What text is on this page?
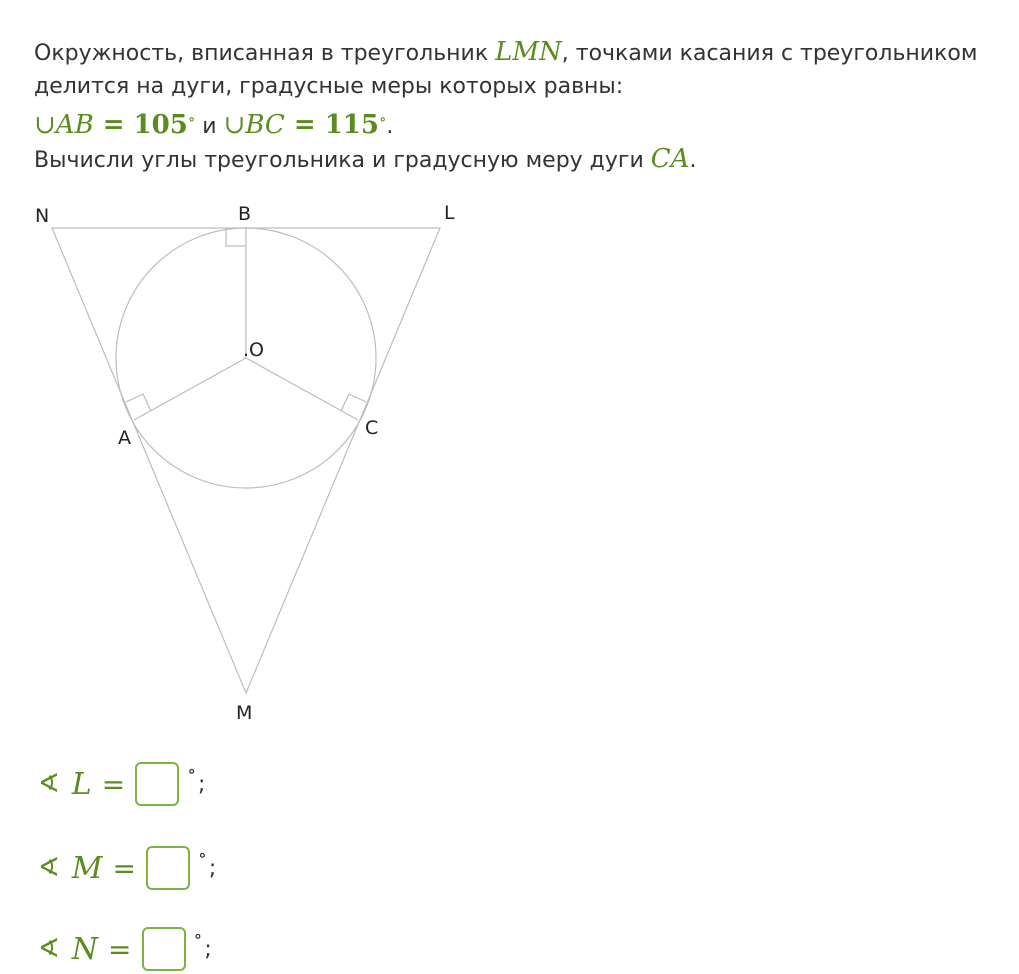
Окружность, вписанная в треугольник LMN, точками касания с треугольником

делится на дуги, градусные меры которых равны:

∪AB = 105∘ и ∪BC = 115∘.

Вычисли углы треугольника и градусную меру дуги CA.

N	B	L
.O
A	C
M
∢ L =	∘ ;
∢ M =	∘ ;
∢ N =	∘ ;
